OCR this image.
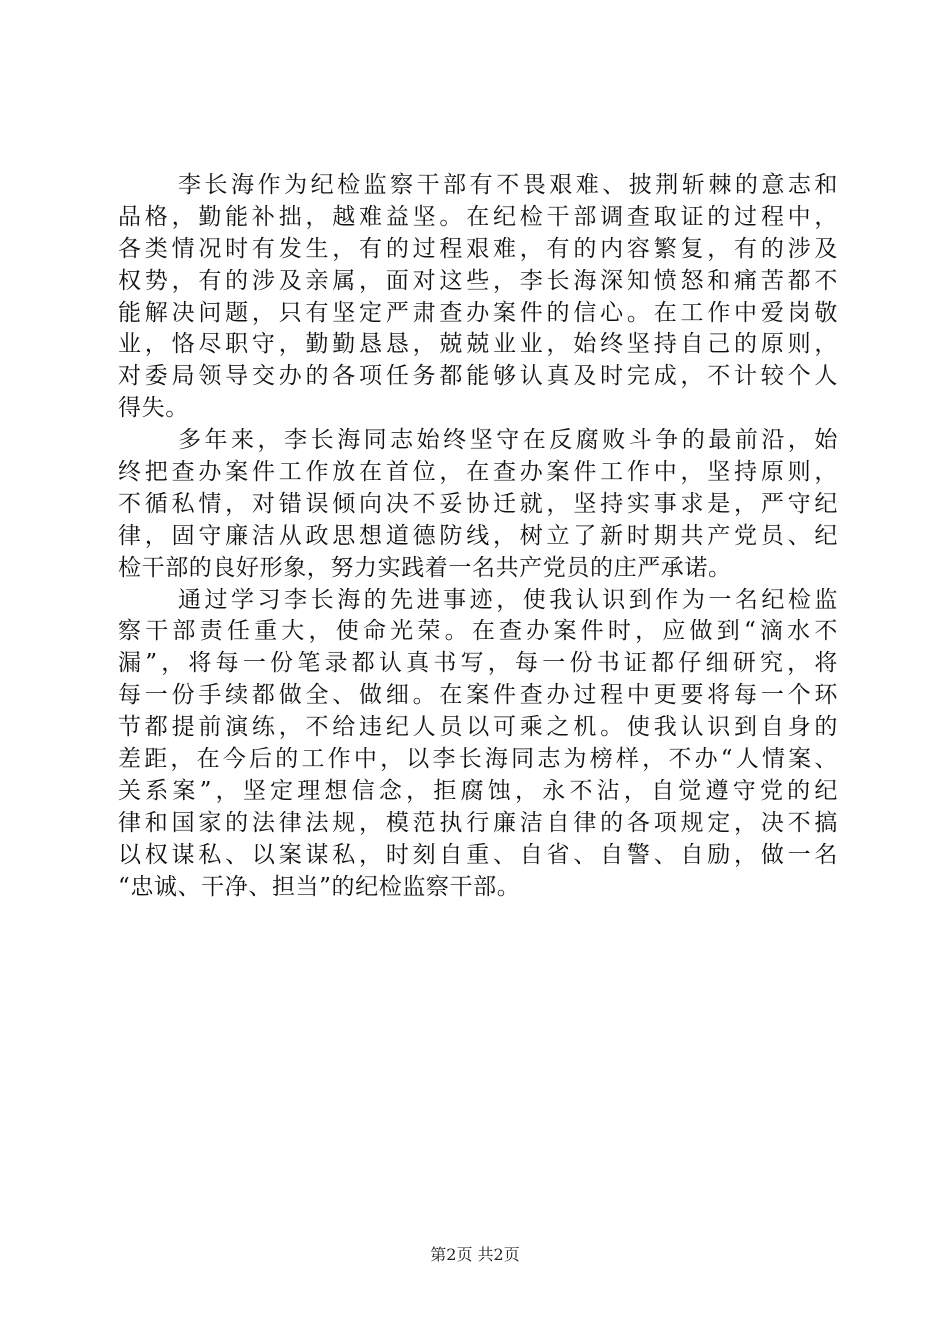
李长海作为纪检监察干部有不畏艰难、披荆斩棘的意志和
品格，勤能补拙，越难益坚。在纪检干部调查取证的过程中，
各类情况时有发生，有的过程艰难，有的内容繁复，有的涉及
权势，有的涉及亲属，面对这些，李长海深知愤怒和痛苦都不
能解决问题，只有坚定严肃查办案件的信心。在工作中爱岗敬
业，恪尽职守，勤勤恳恳，兢兢业业，始终坚持自己的原则，
对委局领导交办的各项任务都能够认真及时完成，不计较个人
得失。
多年来，李长海同志始终坚守在反腐败斗争的最前沿，始
终把查办案件工作放在首位，在查办案件工作中，坚持原则，
不循私情，对错误倾向决不妥协迁就，坚持实事求是，严守纪
律，固守廉洁从政思想道德防线，树立了新时期共产党员、纪
检干部的良好形象，努力实践着一名共产党员的庄严承诺。
通过学习李长海的先进事迹，使我认识到作为一名纪检监
察干部责任重大，使命光荣。在查办案件时，应做到“滴水不
漏”，将每一份笔录都认真书写，每一份书证都仔细研究，将
每一份手续都做全、做细。在案件查办过程中更要将每一个环
节都提前演练，不给违纪人员以可乘之机。使我认识到自身的
差距，在今后的工作中，以李长海同志为榜样，不办“人情案、
关系案”，坚定理想信念，拒腐蚀，永不沾，自觉遵守党的纪
律和国家的法律法规，模范执行廉洁自律的各项规定，决不搞
以权谋私、以案谋私，时刻自重、自省、自警、自励，做一名
“忠诚、干净、担当”的纪检监察干部。
第2页 共2页
